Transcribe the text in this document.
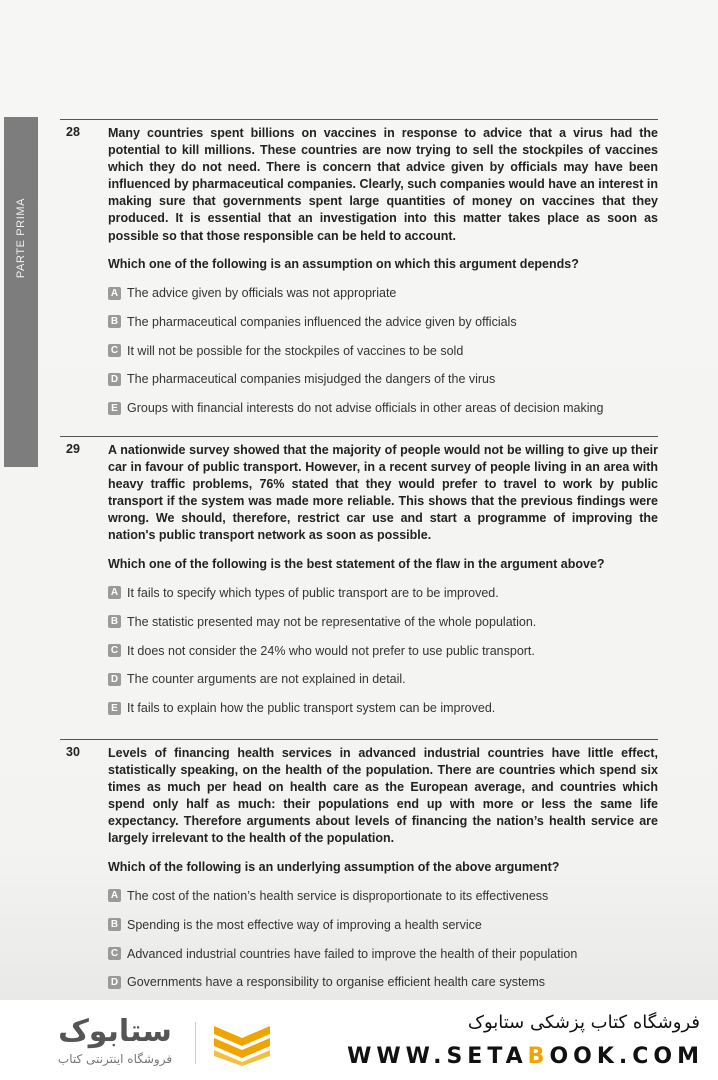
PARTE PRIMA
28 Many countries spent billions on vaccines in response to advice that a virus had the potential to kill millions. These countries are now trying to sell the stockpiles of vaccines which they do not need. There is concern that advice given by officials may have been influenced by pharmaceutical companies. Clearly, such companies would have an interest in making sure that governments spent large quantities of money on vaccines that they produced. It is essential that an investigation into this matter takes place as soon as possible so that those responsible can be held to account.
Which one of the following is an assumption on which this argument depends?
A The advice given by officials was not appropriate
B The pharmaceutical companies influenced the advice given by officials
C It will not be possible for the stockpiles of vaccines to be sold
D The pharmaceutical companies misjudged the dangers of the virus
E Groups with financial interests do not advise officials in other areas of decision making
29 A nationwide survey showed that the majority of people would not be willing to give up their car in favour of public transport. However, in a recent survey of people living in an area with heavy traffic problems, 76% stated that they would prefer to travel to work by public transport if the system was made more reliable. This shows that the previous findings were wrong. We should, therefore, restrict car use and start a programme of improving the nation's public transport network as soon as possible.
Which one of the following is the best statement of the flaw in the argument above?
A It fails to specify which types of public transport are to be improved.
B The statistic presented may not be representative of the whole population.
C It does not consider the 24% who would not prefer to use public transport.
D The counter arguments are not explained in detail.
E It fails to explain how the public transport system can be improved.
30 Levels of financing health services in advanced industrial countries have little effect, statistically speaking, on the health of the population. There are countries which spend six times as much per head on health care as the European average, and countries which spend only half as much: their populations end up with more or less the same life expectancy. Therefore arguments about levels of financing the nation’s health service are largely irrelevant to the health of the population.
Which of the following is an underlying assumption of the above argument?
A The cost of the nation’s health service is disproportionate to its effectiveness
B Spending is the most effective way of improving a health service
C Advanced industrial countries have failed to improve the health of their population
D Governments have a responsibility to organise efficient health care systems
ستابوک
فروشگاه اینترنتی کتاب
فروشگاه کتاب پزشکی ستابوک
WWW.SETABOOK.COM
